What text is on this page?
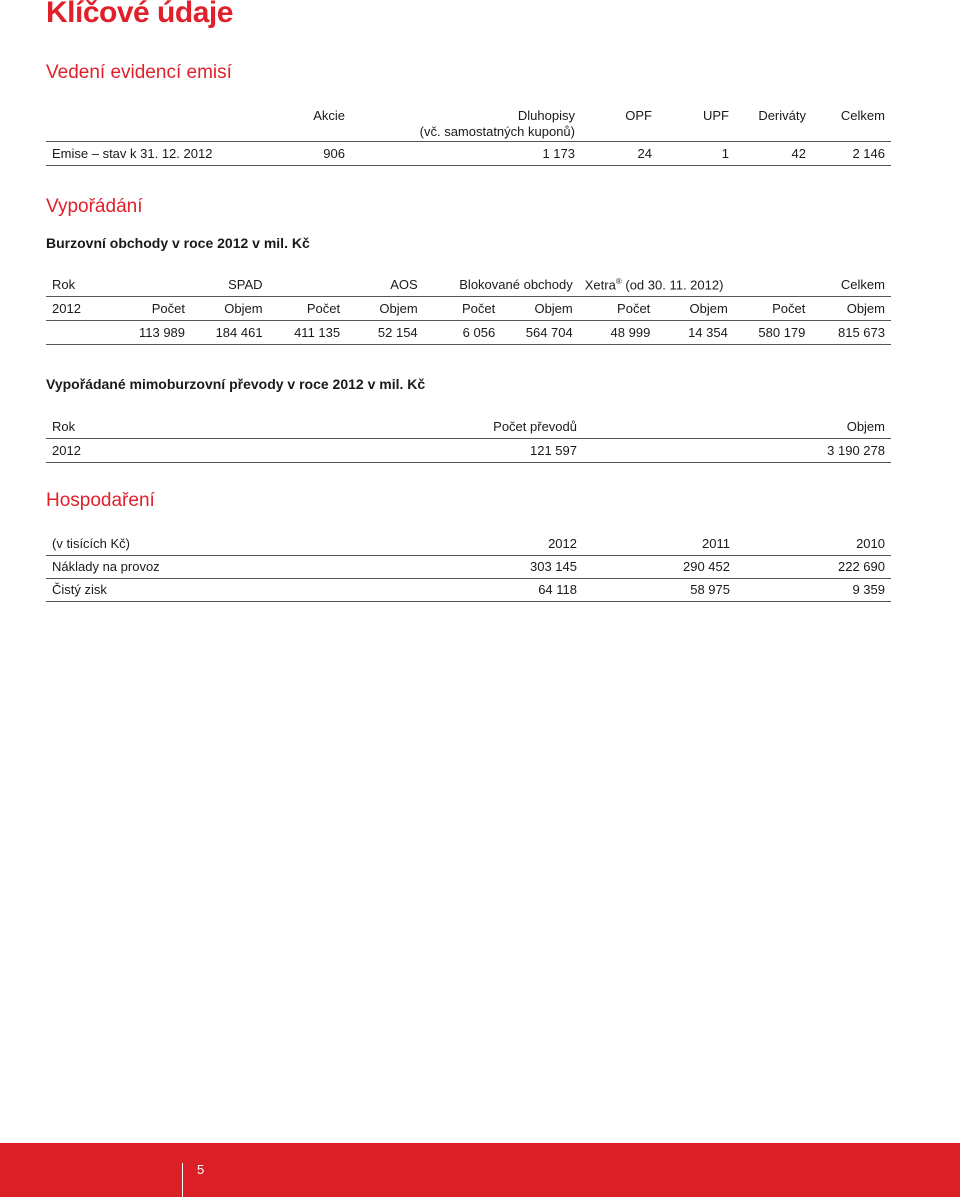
Klíčové údaje
Vedení evidencí emisí
	Akcie	Dluhopisy
(vč. samostatných kuponů)	OPF	UPF	Deriváty	Celkem
Emise – stav k 31. 12. 2012	906	1 173	24	1	42	2 146
Vypořádání
Burzovní obchody v roce 2012 v mil. Kč
Rok	SPAD		AOS		Blokované obchody		Xetra® (od 30. 11. 2012)		Celkem	
2012	Počet	Objem	Počet	Objem	Počet	Objem	Počet	Objem	Počet	Objem
	113 989	184 461	411 135	52 154	6 056	564 704	48 999	14 354	580 179	815 673
Vypořádané mimoburzovní převody v roce 2012 v mil. Kč
Rok	Počet převodů	Objem
2012	121 597	3 190 278
Hospodaření
(v tisících Kč)	2012	2011	2010
Náklady na provoz	303 145	290 452	222 690
Čistý zisk	64 118	58 975	9 359
5
